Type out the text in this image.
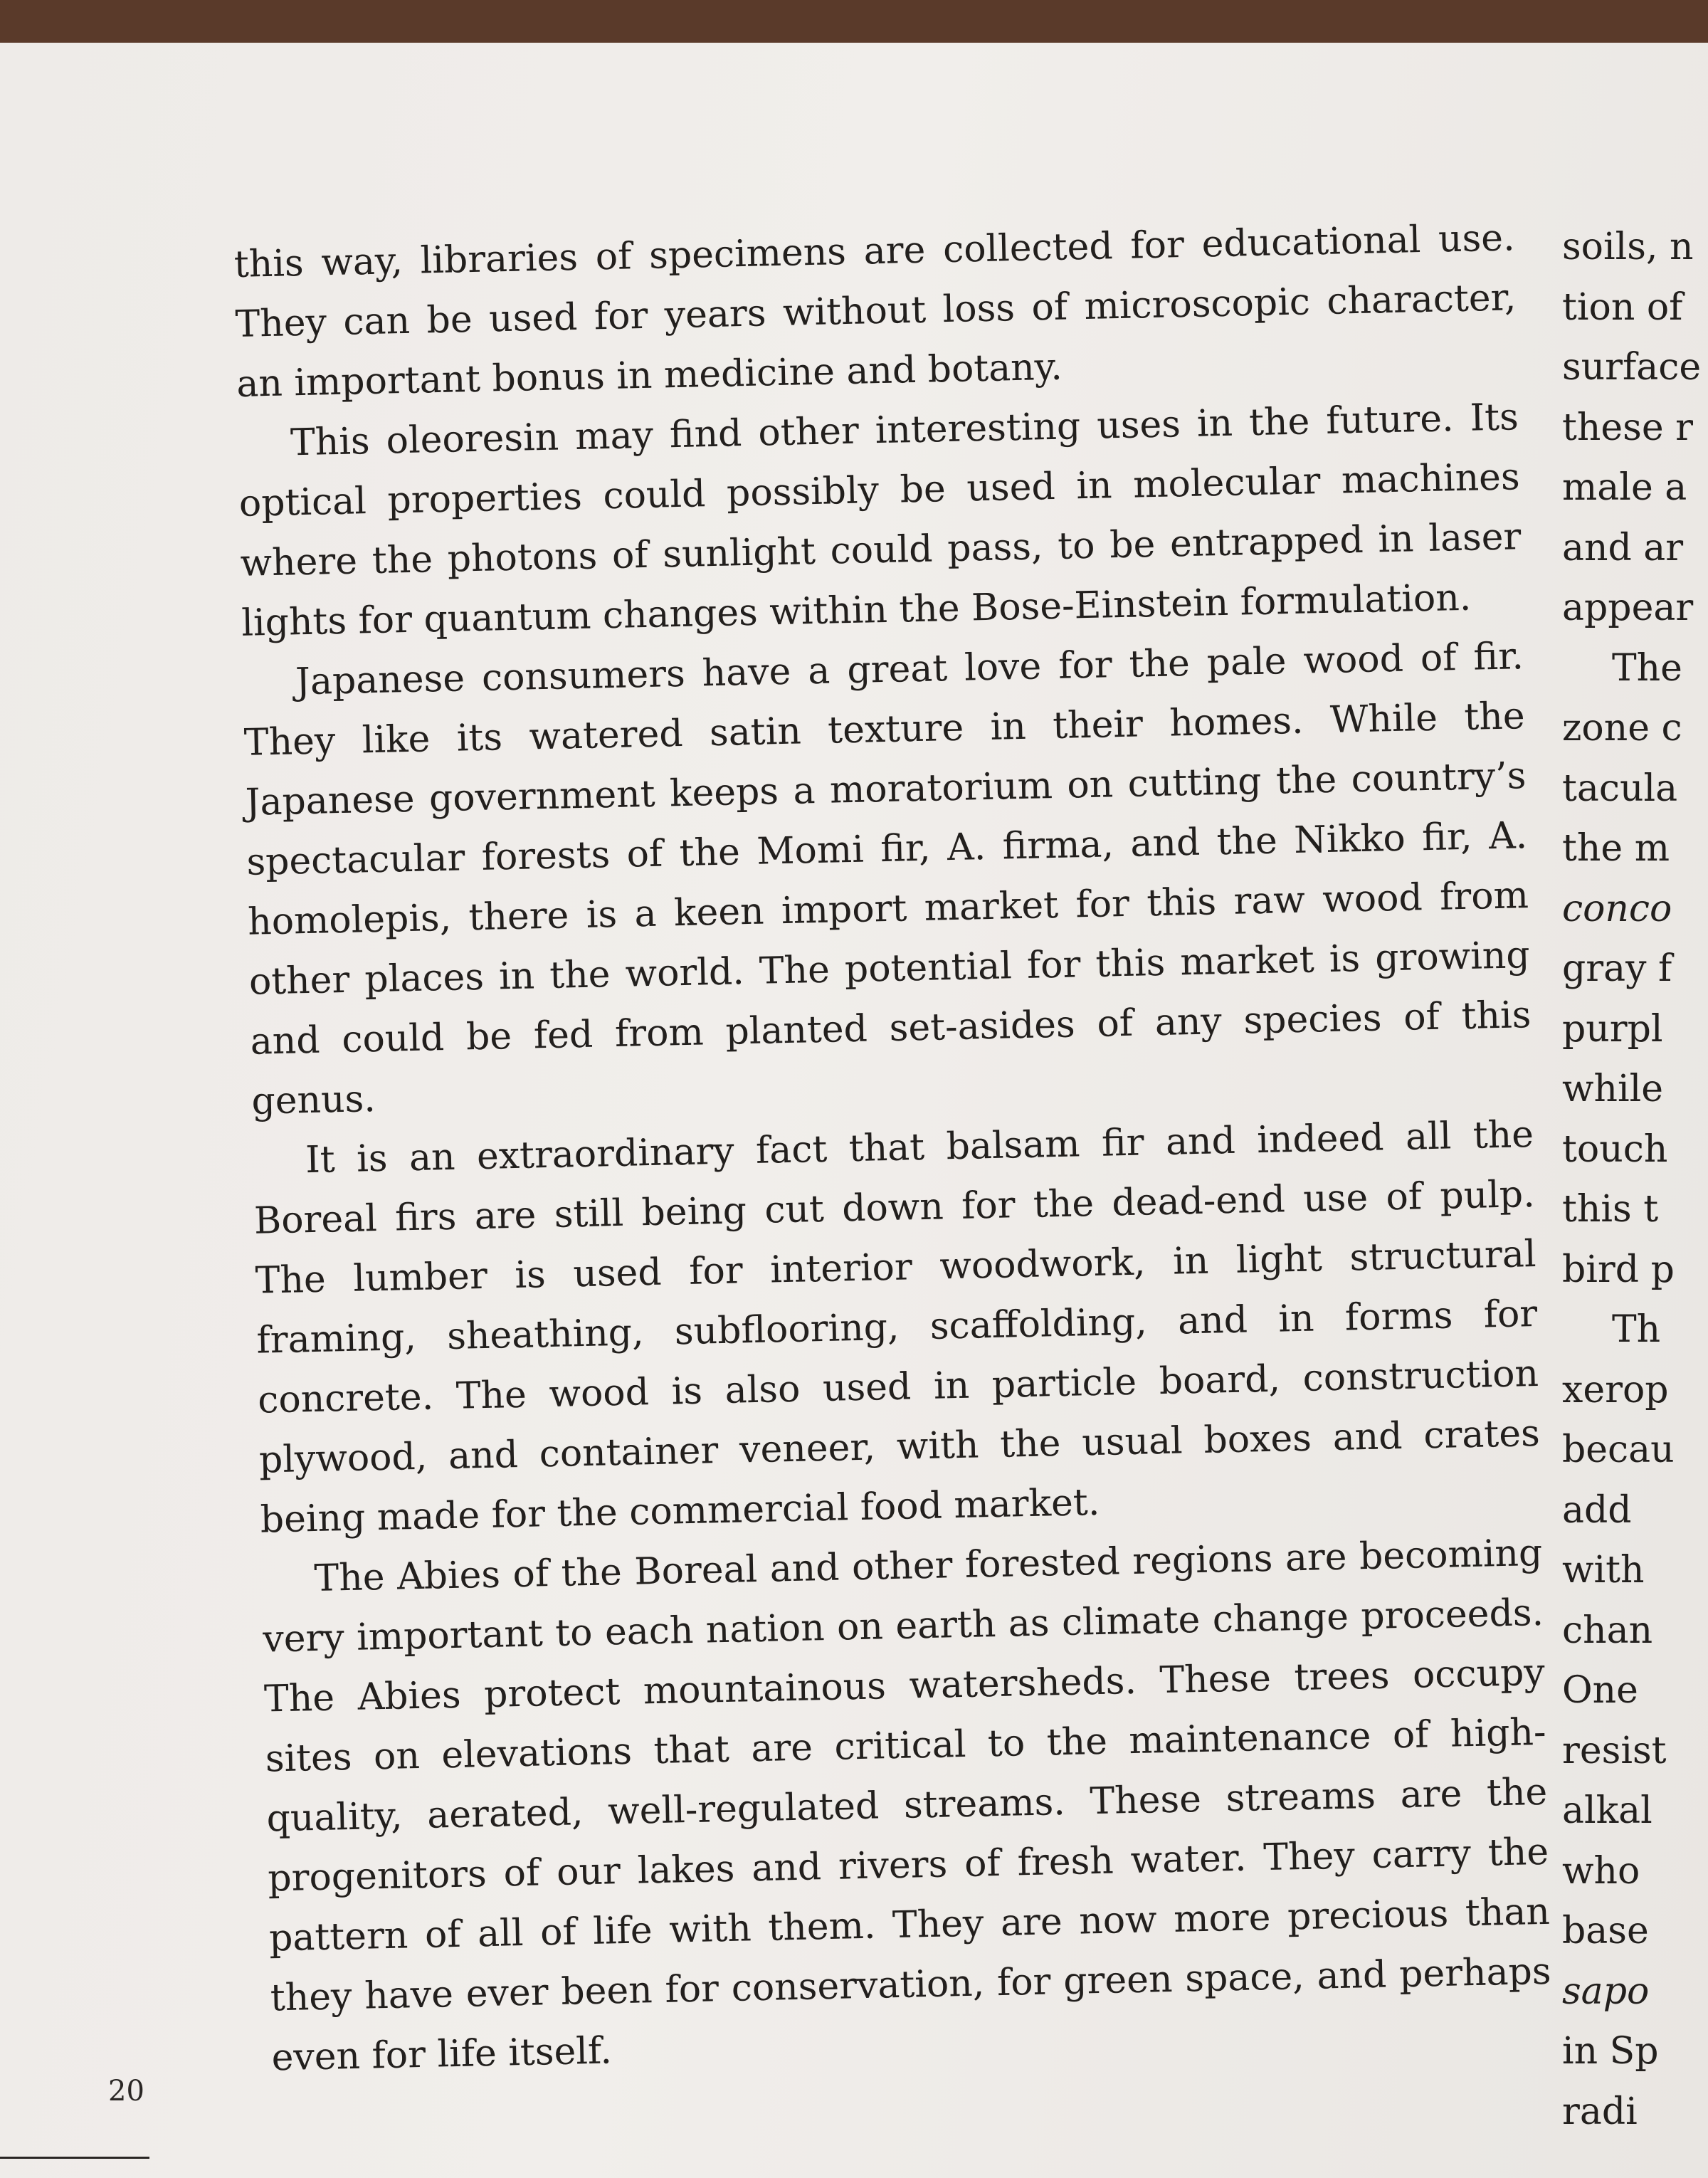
this way, libraries of specimens are collected for educational use. They can be used for years without loss of microscopic character, an important bonus in medicine and botany.

This oleoresin may find other interesting uses in the future. Its optical properties could possibly be used in molecular machines where the photons of sunlight could pass, to be entrapped in laser lights for quantum changes within the Bose-Einstein formulation.

Japanese consumers have a great love for the pale wood of fir. They like its watered satin texture in their homes. While the Japanese government keeps a moratorium on cutting the country’s spectacular forests of the Momi fir, A. firma, and the Nikko fir, A. homolepis, there is a keen import market for this raw wood from other places in the world. The potential for this market is growing and could be fed from planted set-asides of any species of this genus.

It is an extraordinary fact that balsam fir and indeed all the Boreal firs are still being cut down for the dead-end use of pulp. The lumber is used for interior woodwork, in light structural framing, sheathing, subflooring, scaffolding, and in forms for concrete. The wood is also used in particle board, construction plywood, and container veneer, with the usual boxes and crates being made for the commercial food market.

The Abies of the Boreal and other forested regions are becoming very important to each nation on earth as climate change proceeds. The Abies protect mountainous watersheds. These trees occupy sites on elevations that are critical to the maintenance of high-quality, aerated, well-regulated streams. These streams are the progenitors of our lakes and rivers of fresh water. They carry the pattern of all of life with them. They are now more precious than they have ever been for conservation, for green space, and perhaps even for life itself.

soils, n
tion of
surface
these r
male a
and ar
appear
The
zone c
tacula
the m
conco
gray f
purpl
while
touch
this t
bird p
Th
xerop
becau
add
with
chan
One
resist
alkal
who
base
sapo
in Sp
radi
20
